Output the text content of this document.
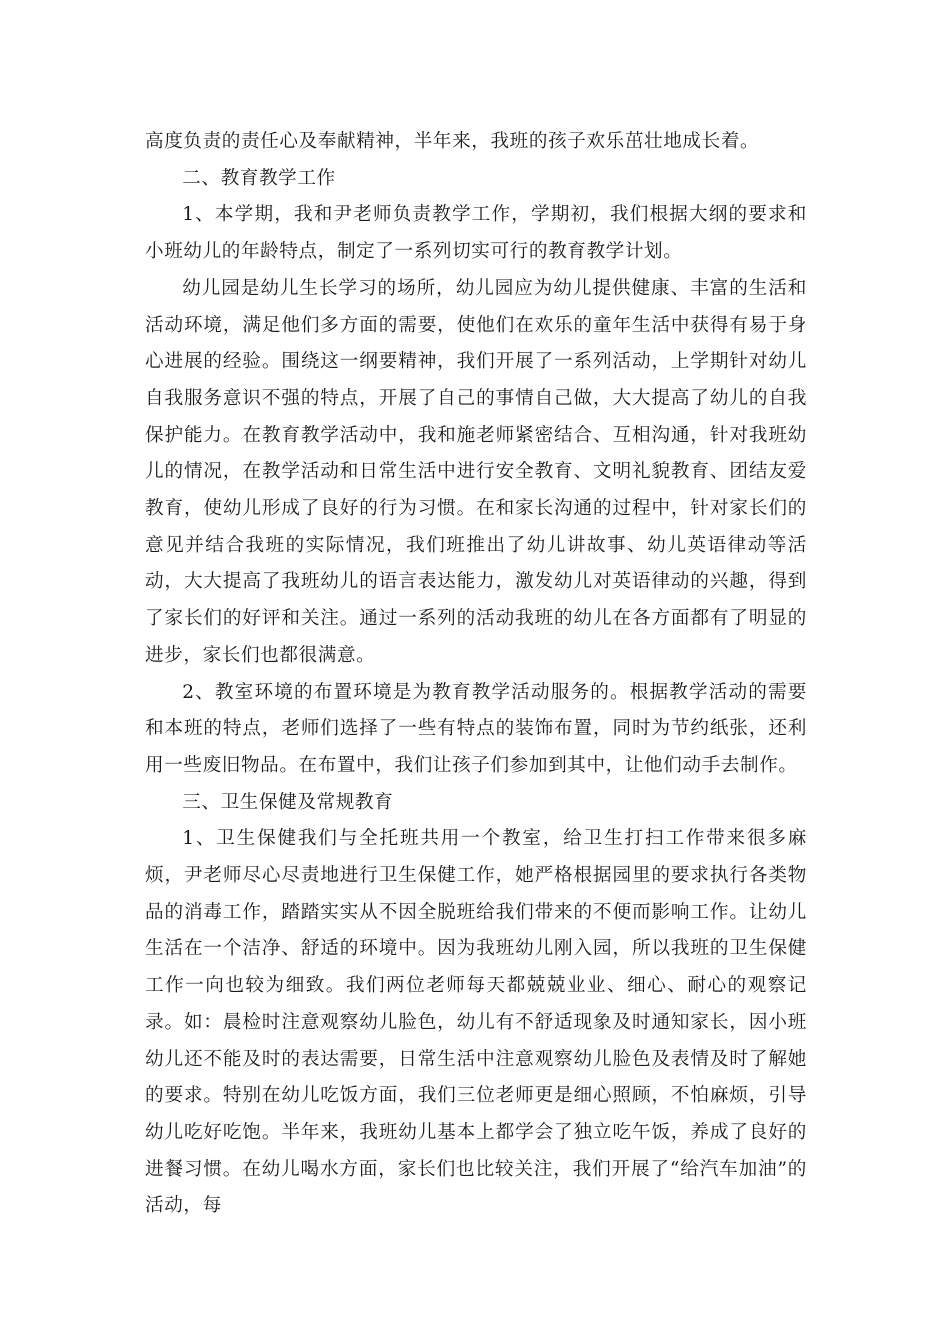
高度负责的责任心及奉献精神，半年来，我班的孩子欢乐茁壮地成长着。

二、教育教学工作

1、本学期，我和尹老师负责教学工作，学期初，我们根据大纲的要求和小班幼儿的年龄特点，制定了一系列切实可行的教育教学计划。

幼儿园是幼儿生长学习的场所，幼儿园应为幼儿提供健康、丰富的生活和活动环境，满足他们多方面的需要，使他们在欢乐的童年生活中获得有易于身心进展的经验。围绕这一纲要精神，我们开展了一系列活动，上学期针对幼儿自我服务意识不强的特点，开展了自己的事情自己做，大大提高了幼儿的自我保护能力。在教育教学活动中，我和施老师紧密结合、互相沟通，针对我班幼儿的情况，在教学活动和日常生活中进行安全教育、文明礼貌教育、团结友爱教育，使幼儿形成了良好的行为习惯。在和家长沟通的过程中，针对家长们的意见并结合我班的实际情况，我们班推出了幼儿讲故事、幼儿英语律动等活动，大大提高了我班幼儿的语言表达能力，激发幼儿对英语律动的兴趣，得到了家长们的好评和关注。通过一系列的活动我班的幼儿在各方面都有了明显的进步，家长们也都很满意。

2、教室环境的布置环境是为教育教学活动服务的。根据教学活动的需要和本班的特点，老师们选择了一些有特点的装饰布置，同时为节约纸张，还利用一些废旧物品。在布置中，我们让孩子们参加到其中，让他们动手去制作。

三、卫生保健及常规教育

1、卫生保健我们与全托班共用一个教室，给卫生打扫工作带来很多麻烦，尹老师尽心尽责地进行卫生保健工作，她严格根据园里的要求执行各类物品的消毒工作，踏踏实实从不因全脱班给我们带来的不便而影响工作。让幼儿生活在一个洁净、舒适的环境中。因为我班幼儿刚入园，所以我班的卫生保健工作一向也较为细致。我们两位老师每天都兢兢业业、细心、耐心的观察记录。如：晨检时注意观察幼儿脸色，幼儿有不舒适现象及时通知家长，因小班幼儿还不能及时的表达需要，日常生活中注意观察幼儿脸色及表情及时了解她的要求。特别在幼儿吃饭方面，我们三位老师更是细心照顾，不怕麻烦，引导幼儿吃好吃饱。半年来，我班幼儿基本上都学会了独立吃午饭，养成了良好的进餐习惯。在幼儿喝水方面，家长们也比较关注，我们开展了“给汽车加油”的活动，每
